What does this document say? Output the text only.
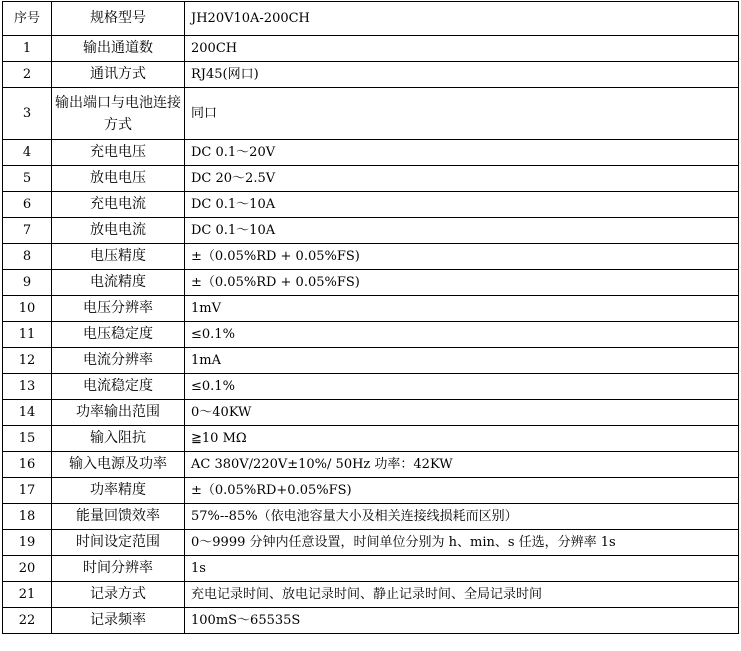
序号	规格型号	JH20V10A-200CH
1	输出通道数	200CH
2	通讯方式	RJ45(网口)
3	输出端口与电池连接方式	同口
4	充电电压	DC 0.1～20V
5	放电电压	DC 20～2.5V
6	充电电流	DC 0.1～10A
7	放电电流	DC 0.1～10A
8	电压精度	±（0.05%RD + 0.05%FS)
9	电流精度	±（0.05%RD + 0.05%FS)
10	电压分辨率	1mV
11	电压稳定度	≤0.1%
12	电流分辨率	1mA
13	电流稳定度	≤0.1%
14	功率输出范围	0～40KW
15	输入阻抗	≧10 MΩ
16	输入电源及功率	AC 380V/220V±10%/ 50Hz 功率：42KW
17	功率精度	±（0.05%RD+0.05%FS)
18	能量回馈效率	57%--85%（依电池容量大小及相关连接线损耗而区别）
19	时间设定范围	0～9999 分钟内任意设置，时间单位分别为 h、min、s 任选，分辨率 1s
20	时间分辨率	1s
21	记录方式	充电记录时间、放电记录时间、静止记录时间、全局记录时间
22	记录频率	100mS～65535S
